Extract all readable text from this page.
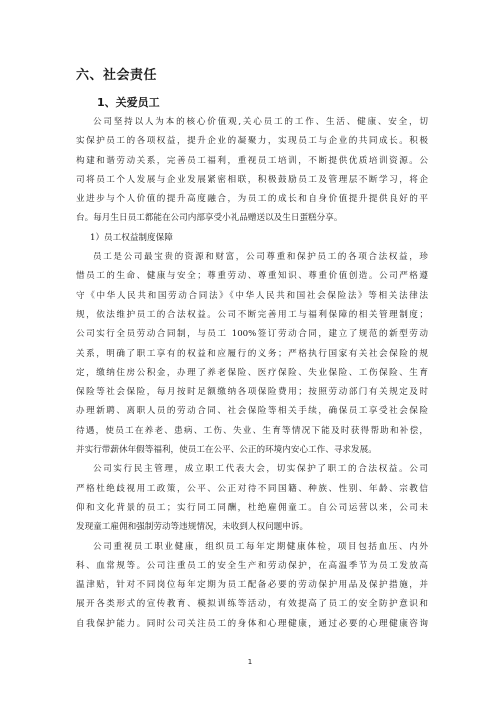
六、社会责任
1、关爱员工
公司坚持以人为本的核心价值观,关心员工的工作、生活、健康、安全，切
实保护员工的各项权益，提升企业的凝聚力，实现员工与企业的共同成长。积极
构建和谐劳动关系，完善员工福利，重视员工培训，不断提供优质培训资源。公
司将员工个人发展与企业发展紧密相联，积极鼓励员工及管理层不断学习，将企
业进步与个人价值的提升高度融合，为员工的成长和自身价值提升提供良好的平
台。每月生日员工都能在公司内部享受小礼品赠送以及生日蛋糕分享。
1）员工权益制度保障
员工是公司最宝贵的资源和财富，公司尊重和保护员工的各项合法权益，珍
惜员工的生命、健康与安全；尊重劳动、尊重知识、尊重价值创造。公司严格遵
守《中华人民共和国劳动合同法》《中华人民共和国社会保险法》等相关法律法
规，依法维护员工的合法权益。公司不断完善用工与福利保障的相关管理制度；
公司实行全员劳动合同制，与员工 100%签订劳动合同，建立了规范的新型劳动
关系，明确了职工享有的权益和应履行的义务；严格执行国家有关社会保险的规
定，缴纳住房公积金，办理了养老保险、医疗保险、失业保险、工伤保险、生育
保险等社会保险，每月按时足额缴纳各项保险费用；按照劳动部门有关规定及时
办理新聘、离职人员的劳动合同、社会保险等相关手续，确保员工享受社会保险
待遇，使员工在养老、患病、工伤、失业、生育等情况下能及时获得帮助和补偿，
并实行带薪休年假等福利，使员工在公平、公正的环境内安心工作、寻求发展。
公司实行民主管理，成立职工代表大会，切实保护了职工的合法权益。公司
严格杜绝歧视用工政策，公平、公正对待不同国籍、种族、性别、年龄、宗教信
仰和文化背景的员工；实行同工同酬，杜绝雇佣童工。自公司运营以来，公司未
发现童工雇佣和强制劳动等违规情况，未收到人权问题申诉。
公司重视员工职业健康，组织员工每年定期健康体检，项目包括血压、内外
科、血常规等。公司注重员工的安全生产和劳动保护，在高温季节为员工发放高
温津贴，针对不同岗位每年定期为员工配备必要的劳动保护用品及保护措施，并
展开各类形式的宣传教育、模拟训练等活动，有效提高了员工的安全防护意识和
自我保护能力。同时公司关注员工的身体和心理健康，通过必要的心理健康咨询
1
